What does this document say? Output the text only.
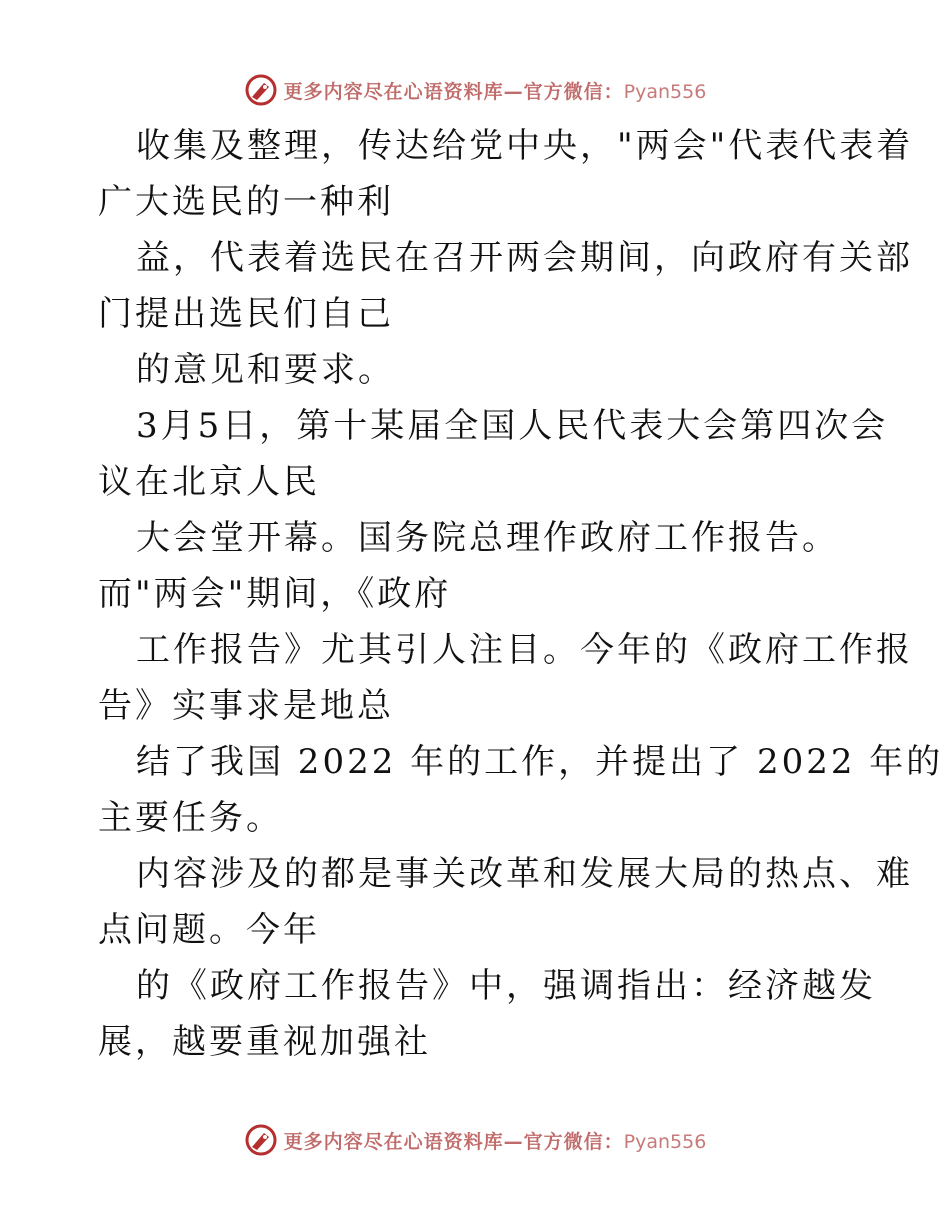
更多内容尽在心语资料库—官方微信：Pyan556
收集及整理，传达给党中央，"两会"代表代表着
广大选民的一种利
益，代表着选民在召开两会期间，向政府有关部
门提出选民们自己
的意见和要求。
3月5日，第十某届全国人民代表大会第四次会
议在北京人民
大会堂开幕。国务院总理作政府工作报告。
而"两会"期间，《政府
工作报告》尤其引人注目。今年的《政府工作报
告》实事求是地总
结了我国 2022 年的工作，并提出了 2022 年的
主要任务。
内容涉及的都是事关改革和发展大局的热点、难
点问题。今年
的《政府工作报告》中，强调指出：经济越发
展，越要重视加强社
更多内容尽在心语资料库—官方微信：Pyan556
